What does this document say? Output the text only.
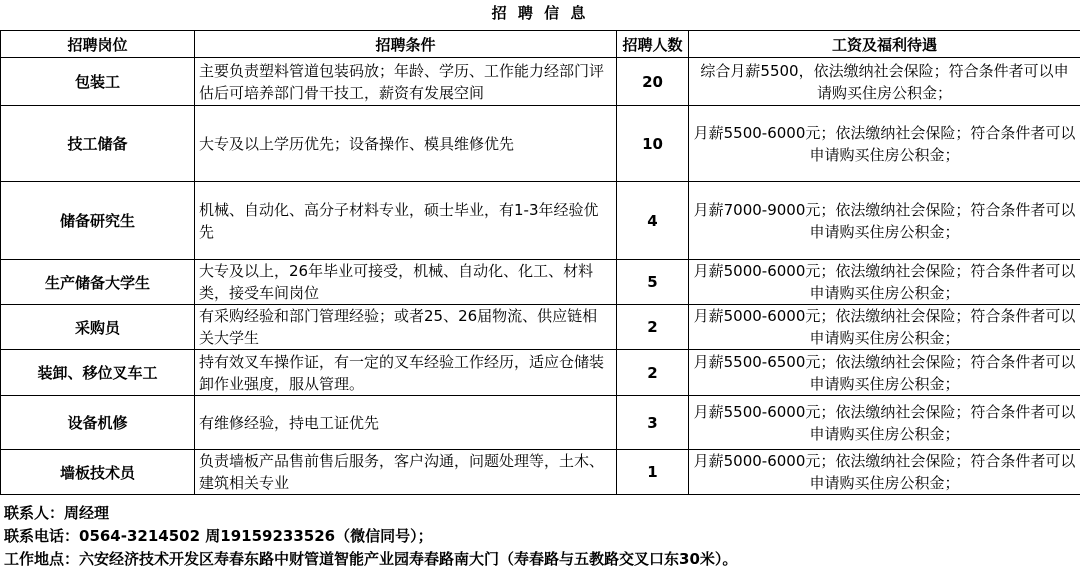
招 聘 信 息
招聘岗位	招聘条件	招聘人数	工资及福利待遇
包装工	主要负责塑料管道包装码放；年龄、学历、工作能力经部门评估后可培养部门骨干技工，薪资有发展空间	20	综合月薪5500，依法缴纳社会保险；符合条件者可以申请购买住房公积金；
技工储备	大专及以上学历优先；设备操作、模具维修优先	10	月薪5500-6000元；依法缴纳社会保险；符合条件者可以申请购买住房公积金；
储备研究生	机械、自动化、高分子材料专业，硕士毕业，有1-3年经验优先	4	月薪7000-9000元；依法缴纳社会保险；符合条件者可以申请购买住房公积金；
生产储备大学生	大专及以上，26年毕业可接受，机械、自动化、化工、材料类，接受车间岗位	5	月薪5000-6000元；依法缴纳社会保险；符合条件者可以申请购买住房公积金；
采购员	有采购经验和部门管理经验；或者25、26届物流、供应链相关大学生	2	月薪5000-6000元；依法缴纳社会保险；符合条件者可以申请购买住房公积金；
装卸、移位叉车工	持有效叉车操作证，有一定的叉车经验工作经历，适应仓储装卸作业强度，服从管理。	2	月薪5500-6500元；依法缴纳社会保险；符合条件者可以申请购买住房公积金；
设备机修	有维修经验，持电工证优先	3	月薪5500-6000元；依法缴纳社会保险；符合条件者可以申请购买住房公积金；
墙板技术员	负责墙板产品售前售后服务，客户沟通，问题处理等，土木、建筑相关专业	1	月薪5000-6000元；依法缴纳社会保险；符合条件者可以申请购买住房公积金；
联系人：周经理
联系电话：0564-3214502 周19159233526（微信同号）；
工作地点：六安经济技术开发区寿春东路中财管道智能产业园寿春路南大门（寿春路与五教路交叉口东30米）。
